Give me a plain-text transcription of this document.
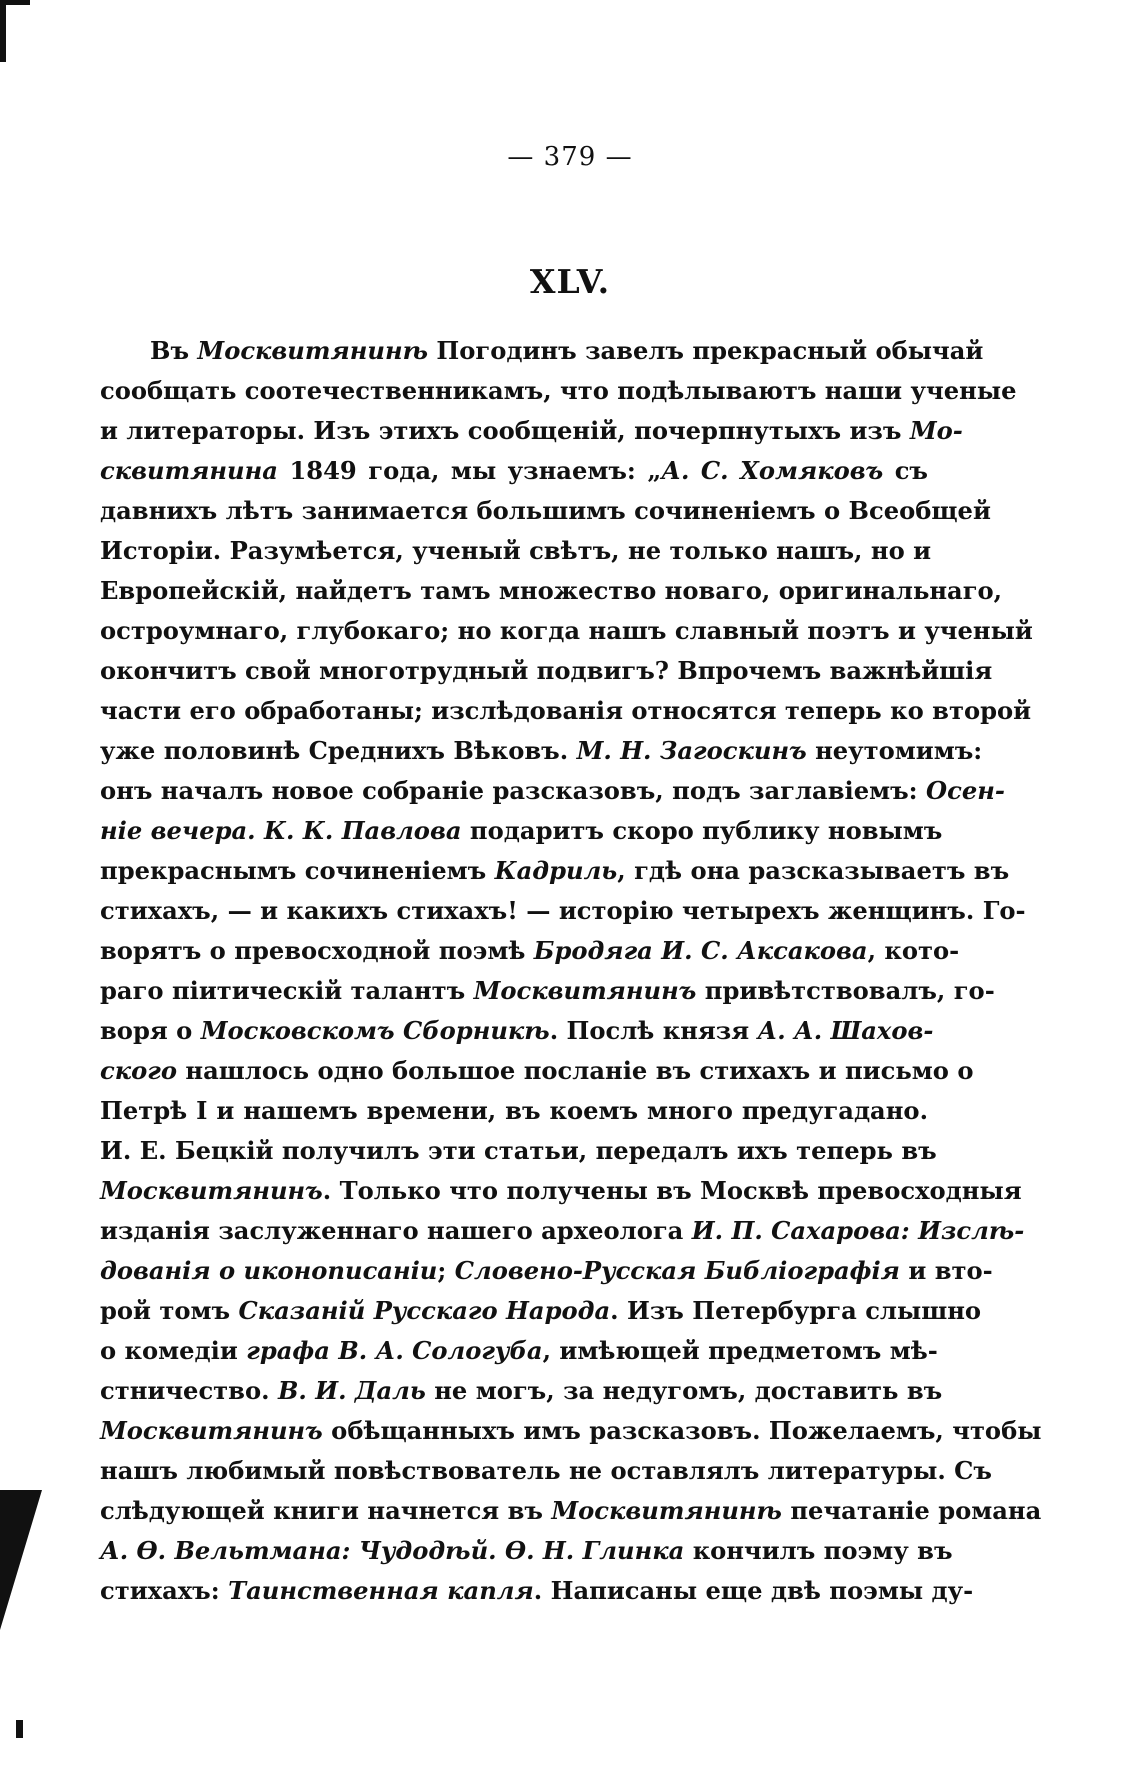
— 379 —
XLV.
Въ Москвитянинѣ Погодинъ завелъ прекрасный обычай
сообщать соотечественникамъ, что подѣлываютъ наши ученые
и литераторы. Изъ этихъ сообщеній, почерпнутыхъ изъ Мо-
сквитянина 1849 года, мы узнаемъ: „А. С. Хомяковъ съ
давнихъ лѣтъ занимается большимъ сочиненіемъ о Всеобщей
Исторіи. Разумѣется, ученый свѣтъ, не только нашъ, но и
Европейскій, найдетъ тамъ множество новаго, оригинальнаго,
остроумнаго, глубокаго; но когда нашъ славный поэтъ и ученый
окончитъ свой многотрудный подвигъ? Впрочемъ важнѣйшія
части его обработаны; изслѣдованія относятся теперь ко второй
уже половинѣ Среднихъ Вѣковъ. М. Н. Загоскинъ неутомимъ:
онъ началъ новое собраніе разсказовъ, подъ заглавіемъ: Осен-
ніе вечера. К. К. Павлова подаритъ скоро публику новымъ
прекраснымъ сочиненіемъ Кадриль, гдѣ она разсказываетъ въ
стихахъ, — и какихъ стихахъ! — исторію четырехъ женщинъ. Го-
ворятъ о превосходной поэмѣ Бродяга И. С. Аксакова, кото-
раго піитическій талантъ Москвитянинъ привѣтствовалъ, го-
воря о Московскомъ Сборникѣ. Послѣ князя А. А. Шахов-
ского нашлось одно большое посланіе въ стихахъ и письмо о
Петрѣ I и нашемъ времени, въ коемъ много предугадано.
И. Е. Бецкій получилъ эти статьи, передалъ ихъ теперь въ
Москвитянинъ. Только что получены въ Москвѣ превосходныя
изданія заслуженнаго нашего археолога И. П. Сахарова: Изслѣ-
дованія о иконописаніи; Словено-Русская Библіографія и вто-
рой томъ Сказаній Русскаго Народа. Изъ Петербурга слышно
о комедіи графа В. А. Сологуба, имѣющей предметомъ мѣ-
стничество. В. И. Даль не могъ, за недугомъ, доставить въ
Москвитянинъ обѣщанныхъ имъ разсказовъ. Пожелаемъ, чтобы
нашъ любимый повѣствователь не оставлялъ литературы. Съ
слѣдующей книги начнется въ Москвитянинѣ печатаніе романа
А. Ѳ. Вельтмана: Чудодѣй. Ѳ. Н. Глинка кончилъ поэму въ
стихахъ: Таинственная капля. Написаны еще двѣ поэмы ду-
